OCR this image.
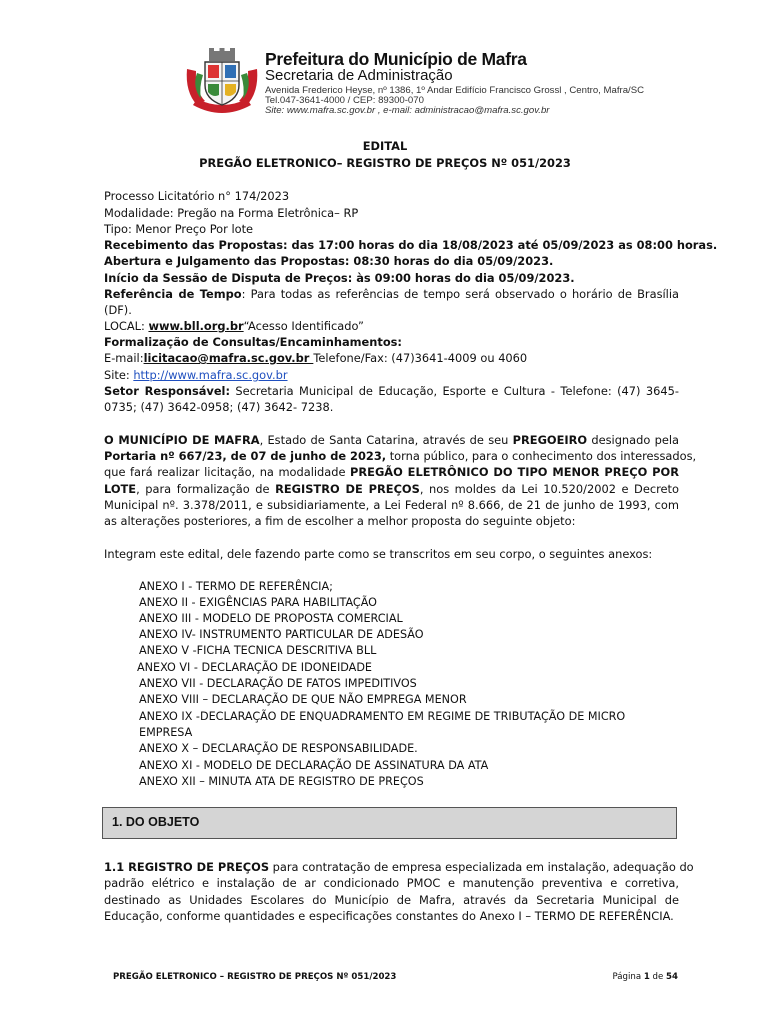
Prefeitura do Município de Mafra
Secretaria de Administração
Avenida Frederico Heyse, nº 1386, 1º Andar Edifício Francisco Grossl , Centro, Mafra/SC
Tel.047-3641-4000 / CEP: 89300-070
Site: www.mafra.sc.gov.br , e-mail: administracao@mafra.sc.gov.br
EDITAL
PREGÃO ELETRONICO– REGISTRO DE PREÇOS Nº 051/2023
Processo Licitatório n° 174/2023
Modalidade: Pregão na Forma Eletrônica– RP
Tipo: Menor Preço Por lote
Recebimento das Propostas: das 17:00 horas do dia 18/08/2023 até 05/09/2023 as 08:00 horas.
Abertura e Julgamento das Propostas: 08:30 horas do dia 05/09/2023.
Início da Sessão de Disputa de Preços: às 09:00 horas do dia 05/09/2023.
Referência de Tempo: Para todas as referências de tempo será observado o horário de Brasília
(DF).
LOCAL: www.bll.org.br“Acesso Identificado”
Formalização de Consultas/Encaminhamentos:
E-mail:licitacao@mafra.sc.gov.br Telefone/Fax: (47)3641-4009 ou 4060
Site: http://www.mafra.sc.gov.br
Setor Responsável: Secretaria Municipal de Educação, Esporte e Cultura - Telefone: (47) 3645-
0735; (47) 3642-0958; (47) 3642- 7238.
O MUNICÍPIO DE MAFRA, Estado de Santa Catarina, através de seu PREGOEIRO designado pela
Portaria nº 667/23, de 07 de junho de 2023, torna público, para o conhecimento dos interessados,
que fará realizar licitação, na modalidade PREGÃO ELETRÔNICO DO TIPO MENOR PREÇO POR
LOTE, para formalização de REGISTRO DE PREÇOS, nos moldes da Lei 10.520/2002 e Decreto
Municipal nº. 3.378/2011, e subsidiariamente, a Lei Federal nº 8.666, de 21 de junho de 1993, com
as alterações posteriores, a fim de escolher a melhor proposta do seguinte objeto:
Integram este edital, dele fazendo parte como se transcritos em seu corpo, o seguintes anexos:
ANEXO I - TERMO DE REFERÊNCIA;
ANEXO II - EXIGÊNCIAS PARA HABILITAÇÃO
ANEXO III - MODELO DE PROPOSTA COMERCIAL
ANEXO IV- INSTRUMENTO PARTICULAR DE ADESÃO
ANEXO V -FICHA TECNICA DESCRITIVA BLL
ANEXO VI - DECLARAÇÃO DE IDONEIDADE
ANEXO VII - DECLARAÇÃO DE FATOS IMPEDITIVOS
ANEXO VIII – DECLARAÇÃO DE QUE NÃO EMPREGA MENOR
ANEXO IX -DECLARAÇÃO DE ENQUADRAMENTO EM REGIME DE TRIBUTAÇÃO DE MICRO
EMPRESA
ANEXO X – DECLARAÇÃO DE RESPONSABILIDADE.
ANEXO XI - MODELO DE DECLARAÇÃO DE ASSINATURA DA ATA
ANEXO XII – MINUTA ATA DE REGISTRO DE PREÇOS
1. DO OBJETO
1.1 REGISTRO DE PREÇOS para contratação de empresa especializada em instalação, adequação do
padrão elétrico e instalação de ar condicionado PMOC e manutenção preventiva e corretiva,
destinado as Unidades Escolares do Município de Mafra, através da Secretaria Municipal de
Educação, conforme quantidades e especificações constantes do Anexo I – TERMO DE REFERÊNCIA.
PREGÃO ELETRONICO – REGISTRO DE PREÇOS Nº 051/2023	Página 1 de 54
